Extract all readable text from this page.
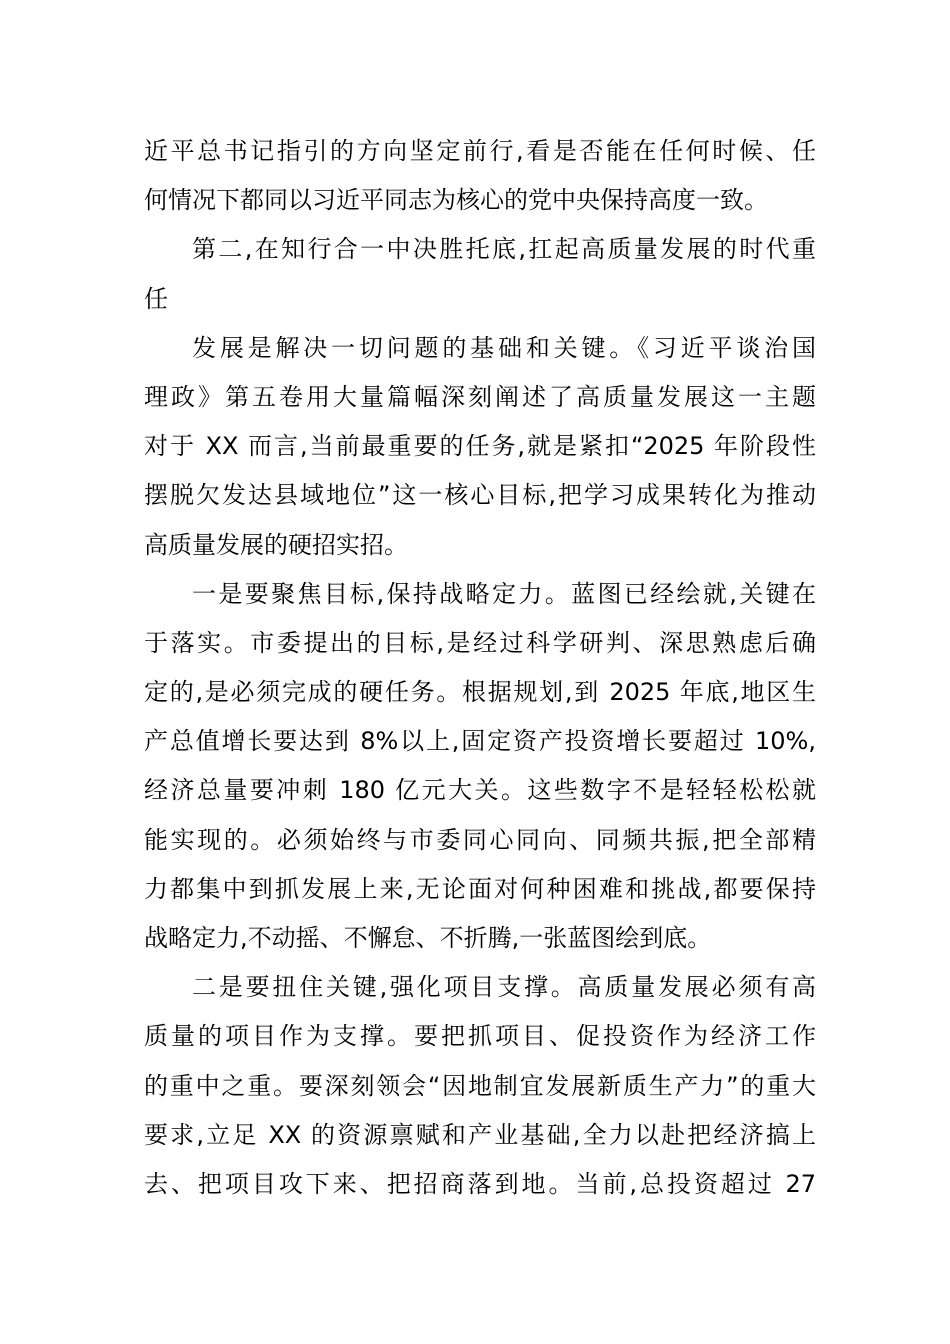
近平总书记指引的方向坚定前行,看是否能在任何时候、任
何情况下都同以习近平同志为核心的党中央保持高度一致。
第二,在知行合一中决胜托底,扛起高质量发展的时代重
任
发展是解决一切问题的基础和关键。《习近平谈治国
理政》第五卷用大量篇幅深刻阐述了高质量发展这一主题
对于 XX 而言,当前最重要的任务,就是紧扣“2025 年阶段性
摆脱欠发达县域地位”这一核心目标,把学习成果转化为推动
高质量发展的硬招实招。
一是要聚焦目标,保持战略定力。蓝图已经绘就,关键在
于落实。市委提出的目标,是经过科学研判、深思熟虑后确
定的,是必须完成的硬任务。根据规划,到 2025 年底,地区生
产总值增长要达到 8%以上,固定资产投资增长要超过 10%,
经济总量要冲刺 180 亿元大关。这些数字不是轻轻松松就
能实现的。必须始终与市委同心同向、同频共振,把全部精
力都集中到抓发展上来,无论面对何种困难和挑战,都要保持
战略定力,不动摇、不懈怠、不折腾,一张蓝图绘到底。
二是要扭住关键,强化项目支撑。高质量发展必须有高
质量的项目作为支撑。要把抓项目、促投资作为经济工作
的重中之重。要深刻领会“因地制宜发展新质生产力”的重大
要求,立足 XX 的资源禀赋和产业基础,全力以赴把经济搞上
去、把项目攻下来、把招商落到地。当前,总投资超过 27
